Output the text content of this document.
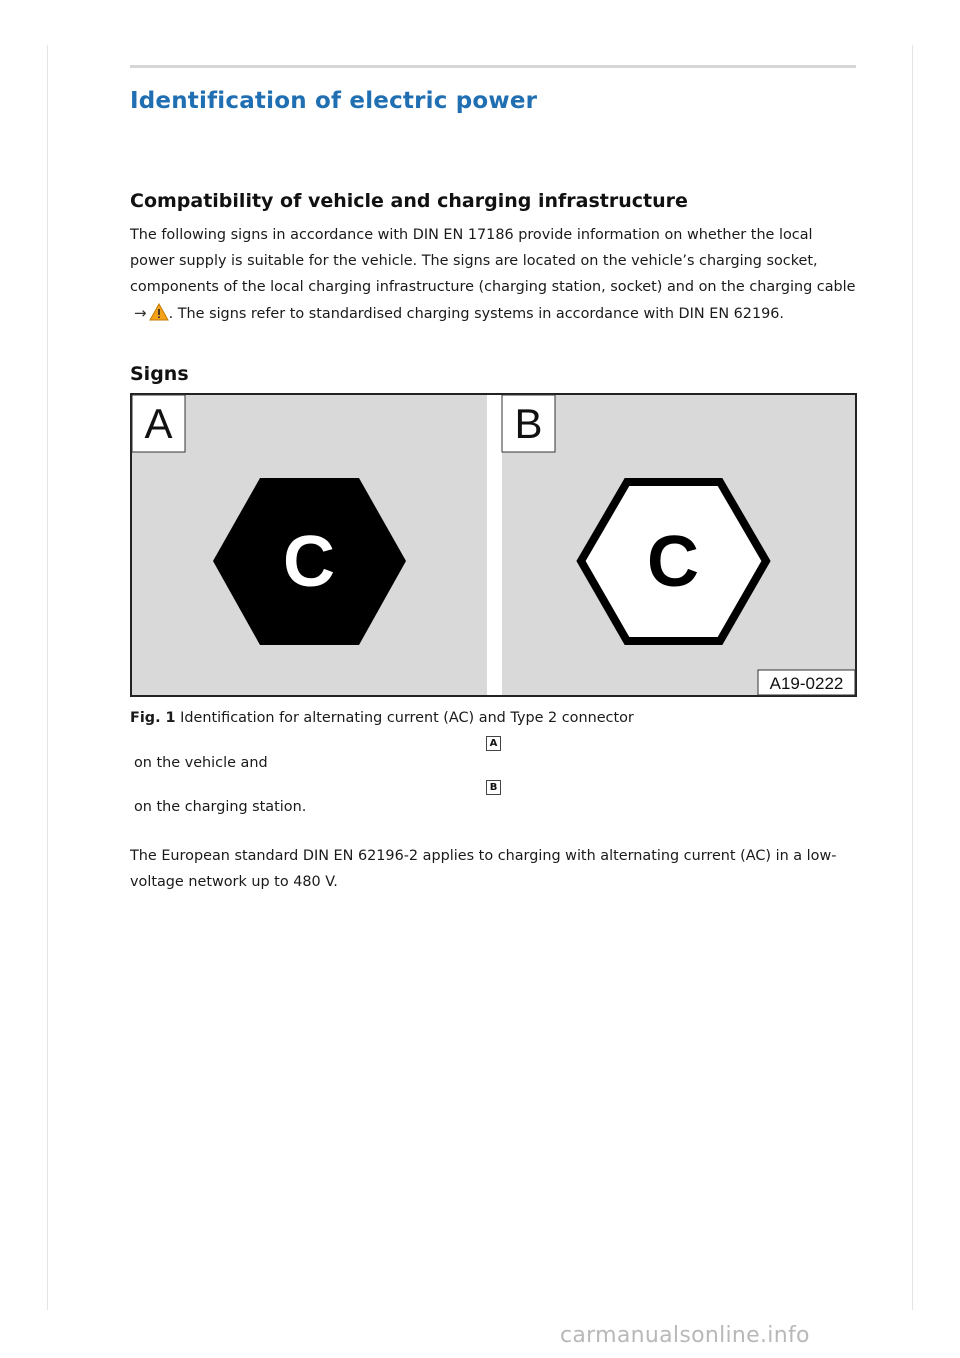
Identification of electric power
Compatibility of vehicle and charging infrastructure

The following signs in accordance with DIN EN 17186 provide information on whether the local power supply is suitable for the vehicle. The signs are located on the vehicle’s charging socket, components of the local charging infrastructure (charging station, socket) and on the charging cable → . The signs refer to standardised charging systems in accordance with DIN EN 62196.

Signs
A	B
C	C
A19-0222

Fig. 1 Identification for alternating current (AC) and Type 2 connector

A

on the vehicle and

B

on the charging station.

The European standard DIN EN 62196-2 applies to charging with alternating current (AC) in a low-voltage network up to 480 V.

carmanualsonline.info
